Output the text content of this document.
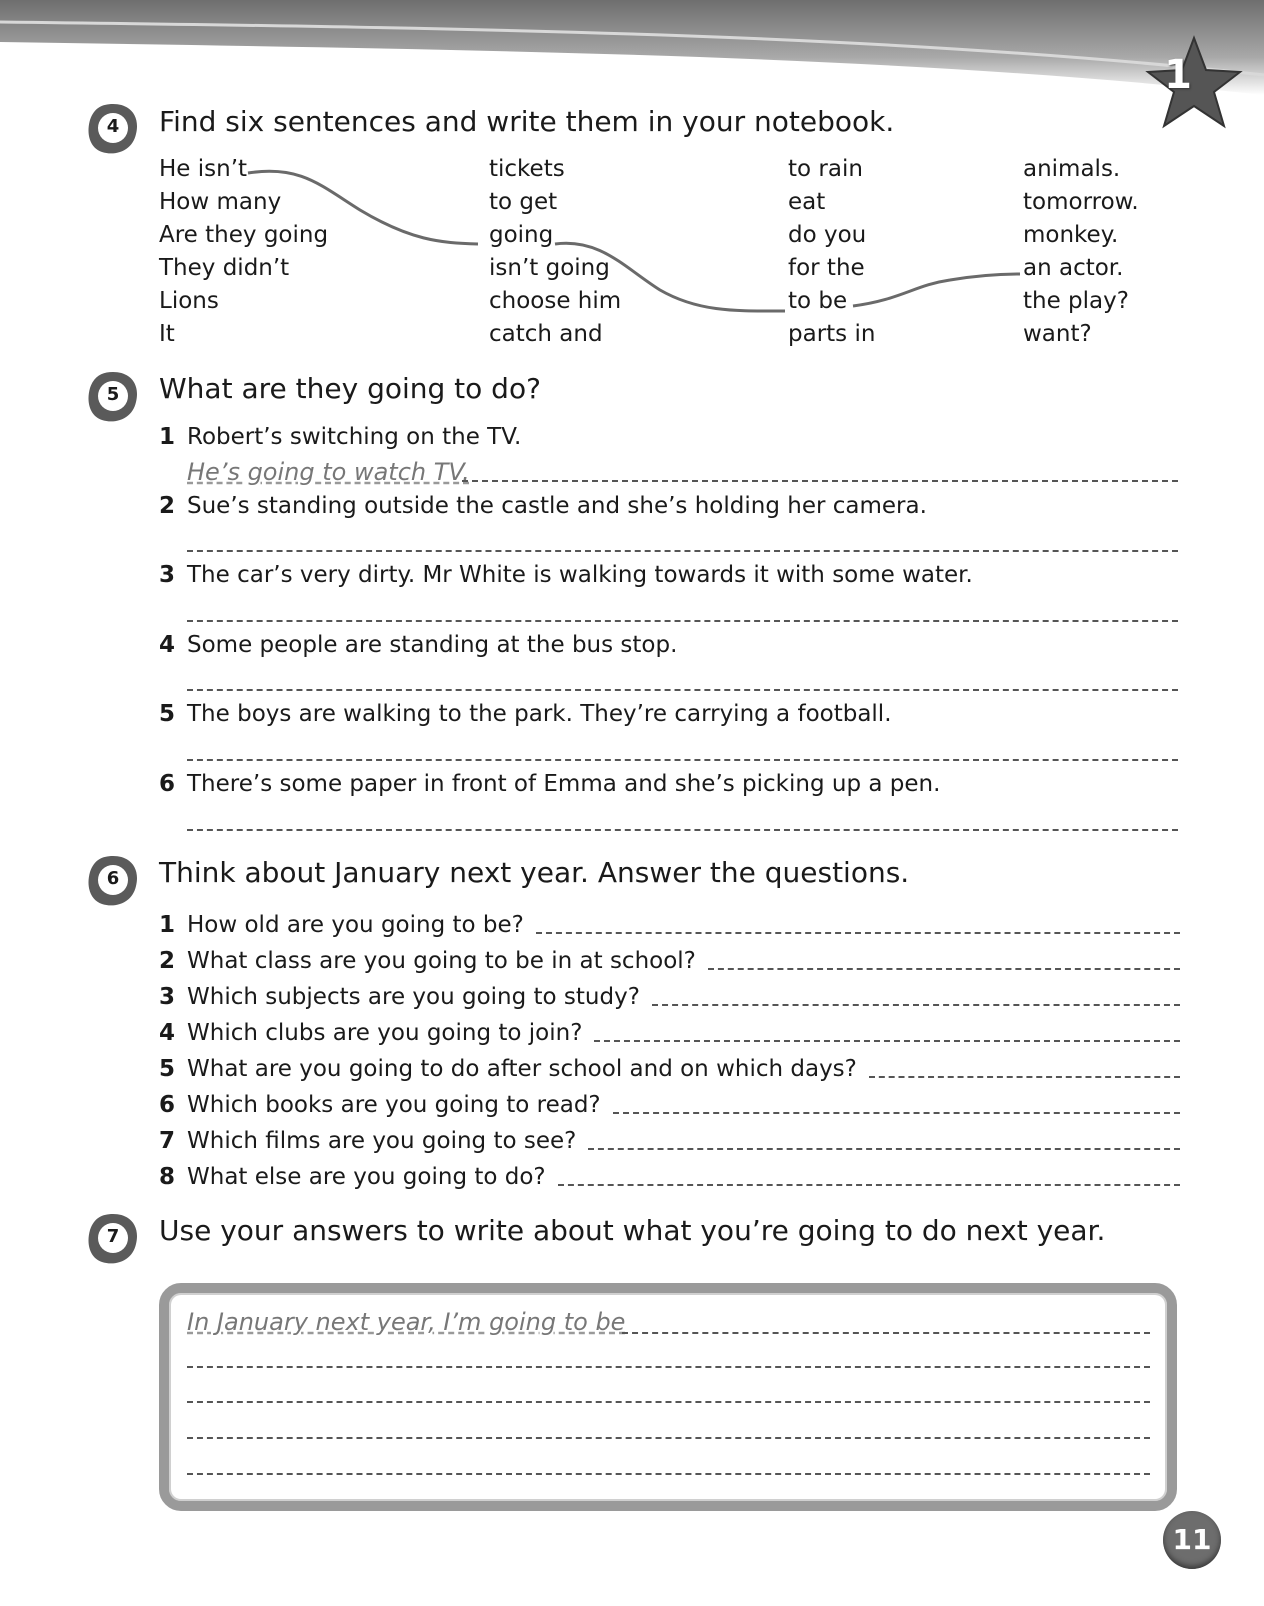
1
4 Find six sentences and write them in your notebook.
He isn’t
How many
Are they going
They didn’t
Lions
It
tickets
to get
going
isn’t going
choose him
catch and
to rain
eat
do you
for the
to be
parts in
animals.
tomorrow.
monkey.
an actor.
the play?
want?
5 What are they going to do?
1 Robert’s switching on the TV.
He’s going to watch TV.
2 Sue’s standing outside the castle and she’s holding her camera.
3 The car’s very dirty. Mr White is walking towards it with some water.
4 Some people are standing at the bus stop.
5 The boys are walking to the park. They’re carrying a football.
6 There’s some paper in front of Emma and she’s picking up a pen.
6 Think about January next year. Answer the questions.
1 How old are you going to be?
2 What class are you going to be in at school?
3 Which subjects are you going to study?
4 Which clubs are you going to join?
5 What are you going to do after school and on which days?
6 Which books are you going to read?
7 Which films are you going to see?
8 What else are you going to do?
7 Use your answers to write about what you’re going to do next year.
In January next year, I’m going to be
11
